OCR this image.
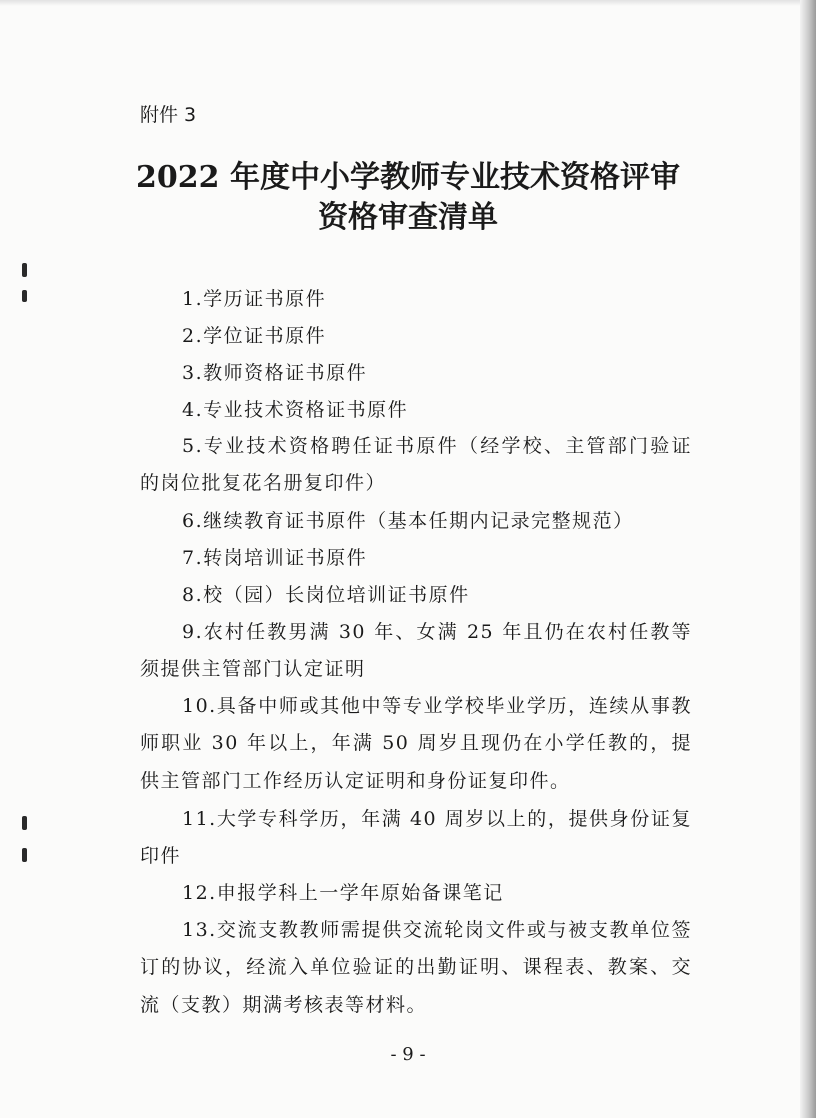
附件 3
2022 年度中小学教师专业技术资格评审
资格审查清单
1.学历证书原件
2.学位证书原件
3.教师资格证书原件
4.专业技术资格证书原件
5.专业技术资格聘任证书原件（经学校、主管部门验证的岗位批复花名册复印件）
6.继续教育证书原件（基本任期内记录完整规范）
7.转岗培训证书原件
8.校（园）长岗位培训证书原件
9.农村任教男满 30 年、女满 25 年且仍在农村任教等须提供主管部门认定证明
10.具备中师或其他中等专业学校毕业学历，连续从事教师职业 30 年以上，年满 50 周岁且现仍在小学任教的，提供主管部门工作经历认定证明和身份证复印件。
11.大学专科学历，年满 40 周岁以上的，提供身份证复印件
12.申报学科上一学年原始备课笔记
13.交流支教教师需提供交流轮岗文件或与被支教单位签订的协议，经流入单位验证的出勤证明、课程表、教案、交流（支教）期满考核表等材料。
- 9 -
